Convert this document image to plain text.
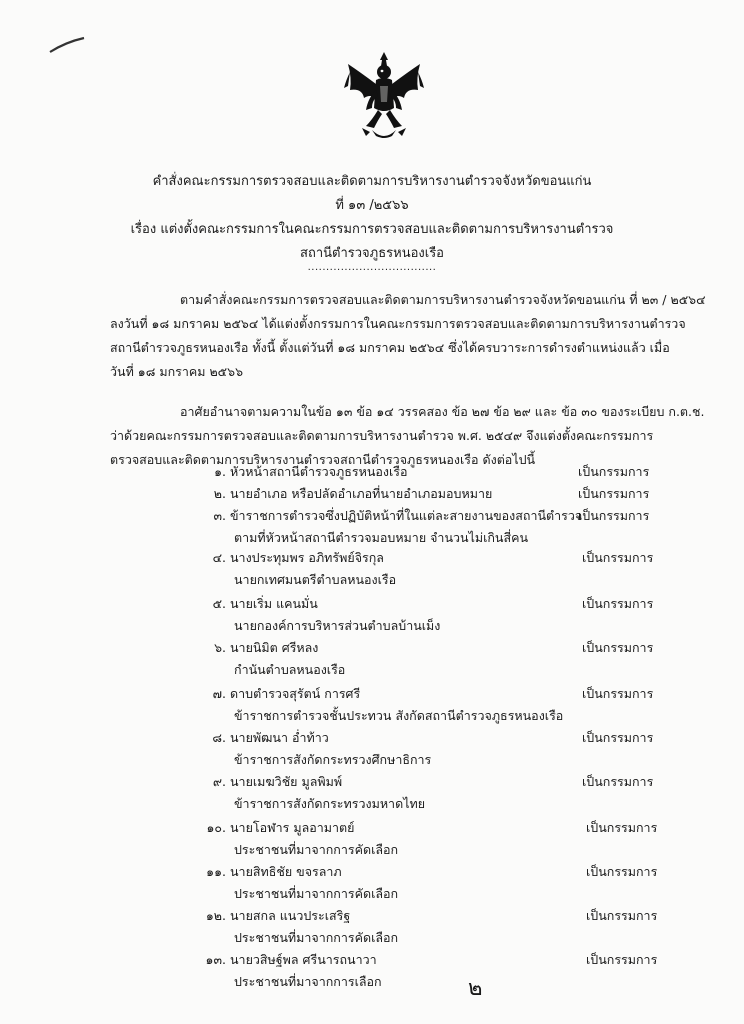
คำสั่งคณะกรรมการตรวจสอบและติดตามการบริหารงานตำรวจจังหวัดขอนแก่น
ที่ ๑๓ /๒๕๖๖
เรื่อง แต่งตั้งคณะกรรมการในคณะกรรมการตรวจสอบและติดตามการบริหารงานตำรวจ
สถานีตำรวจภูธรหนองเรือ
...................................
ตามคำสั่งคณะกรรมการตรวจสอบและติดตามการบริหารงานตำรวจจังหวัดขอนแก่น ที่ ๒๓ / ๒๕๖๔
ลงวันที่ ๑๘ มกราคม ๒๕๖๔ ได้แต่งตั้งกรรมการในคณะกรรมการตรวจสอบและติดตามการบริหารงานตำรวจ
สถานีตำรวจภูธรหนองเรือ ทั้งนี้ ตั้งแต่วันที่ ๑๘ มกราคม ๒๕๖๔ ซึ่งได้ครบวาระการดำรงตำแหน่งแล้ว เมื่อ
วันที่ ๑๘ มกราคม ๒๕๖๖
อาศัยอำนาจตามความในข้อ ๑๓ ข้อ ๑๔ วรรคสอง ข้อ ๒๗ ข้อ ๒๙ และ ข้อ ๓๐ ของระเบียบ ก.ต.ช.
ว่าด้วยคณะกรรมการตรวจสอบและติดตามการบริหารงานตำรวจ พ.ศ. ๒๕๔๙ จึงแต่งตั้งคณะกรรมการ
ตรวจสอบและติดตามการบริหารงานตำรวจสถานีตำรวจภูธรหนองเรือ ดังต่อไปนี้
๑. หัวหน้าสถานีตำรวจภูธรหนองเรือ	เป็นกรรมการ
๒. นายอำเภอ หรือปลัดอำเภอที่นายอำเภอมอบหมาย	เป็นกรรมการ
๓. ข้าราชการตำรวจซึ่งปฏิบัติหน้าที่ในแต่ละสายงานของสถานีตำรวจ
เป็นกรรมการ
ตามที่หัวหน้าสถานีตำรวจมอบหมาย จำนวนไม่เกินสี่คน
๔. นางประทุมพร อภิทรัพย์จิรกุล	เป็นกรรมการ
นายกเทศมนตรีตำบลหนองเรือ
๕. นายเริ่ม แคนมั่น	เป็นกรรมการ
นายกองค์การบริหารส่วนตำบลบ้านเม็ง
๖. นายนิมิต ศรีหลง	เป็นกรรมการ
กำนันตำบลหนองเรือ
๗. ดาบตำรวจสุรัตน์ การศรี	เป็นกรรมการ
ข้าราชการตำรวจชั้นประทวน สังกัดสถานีตำรวจภูธรหนองเรือ
๘. นายพัฒนา อ่ำท้าว	เป็นกรรมการ
ข้าราชการสังกัดกระทรวงศึกษาธิการ
๙. นายเมฆวิชัย มูลพิมพ์	เป็นกรรมการ
ข้าราชการสังกัดกระทรวงมหาดไทย
๑๐. นายโอฬาร มูลอามาตย์	เป็นกรรมการ
ประชาชนที่มาจากการคัดเลือก
๑๑. นายสิทธิชัย ขจรลาภ	เป็นกรรมการ
ประชาชนที่มาจากการคัดเลือก
๑๒. นายสกล แนวประเสริฐ	เป็นกรรมการ
ประชาชนที่มาจากการคัดเลือก
๑๓. นายวสิษฐ์พล ศรีนารถนาวา	เป็นกรรมการ
ประชาชนที่มาจากการเลือก	๒
